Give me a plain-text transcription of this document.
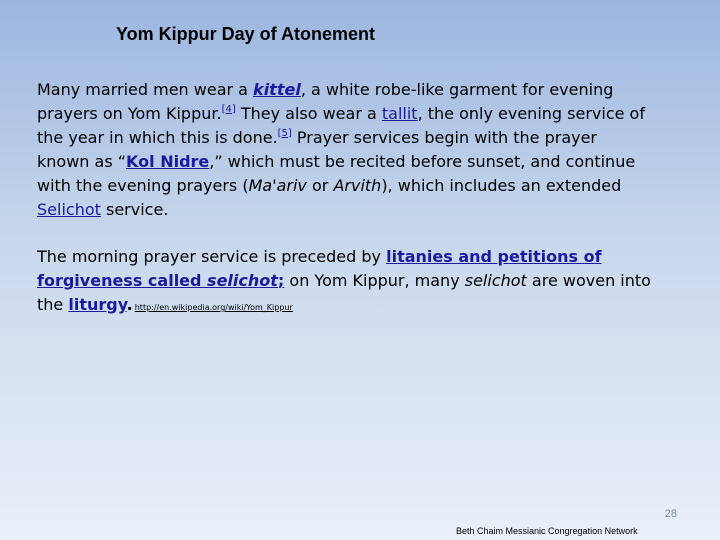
Yom Kippur Day of Atonement
Many married men wear a kittel, a white robe-like garment for evening
prayers on Yom Kippur.[4] They also wear a tallit, the only evening service of
the year in which this is done.[5] Prayer services begin with the prayer
known as “Kol Nidre,” which must be recited before sunset, and continue
with the evening prayers (Ma'ariv or Arvith), which includes an extended
Selichot service.
The morning prayer service is preceded by litanies and petitions of
forgiveness called selichot; on Yom Kippur, many selichot are woven into
the liturgy. http://en.wikipedia.org/wiki/Yom_Kippur
28
Beth Chaim Messianic Congregation Network
